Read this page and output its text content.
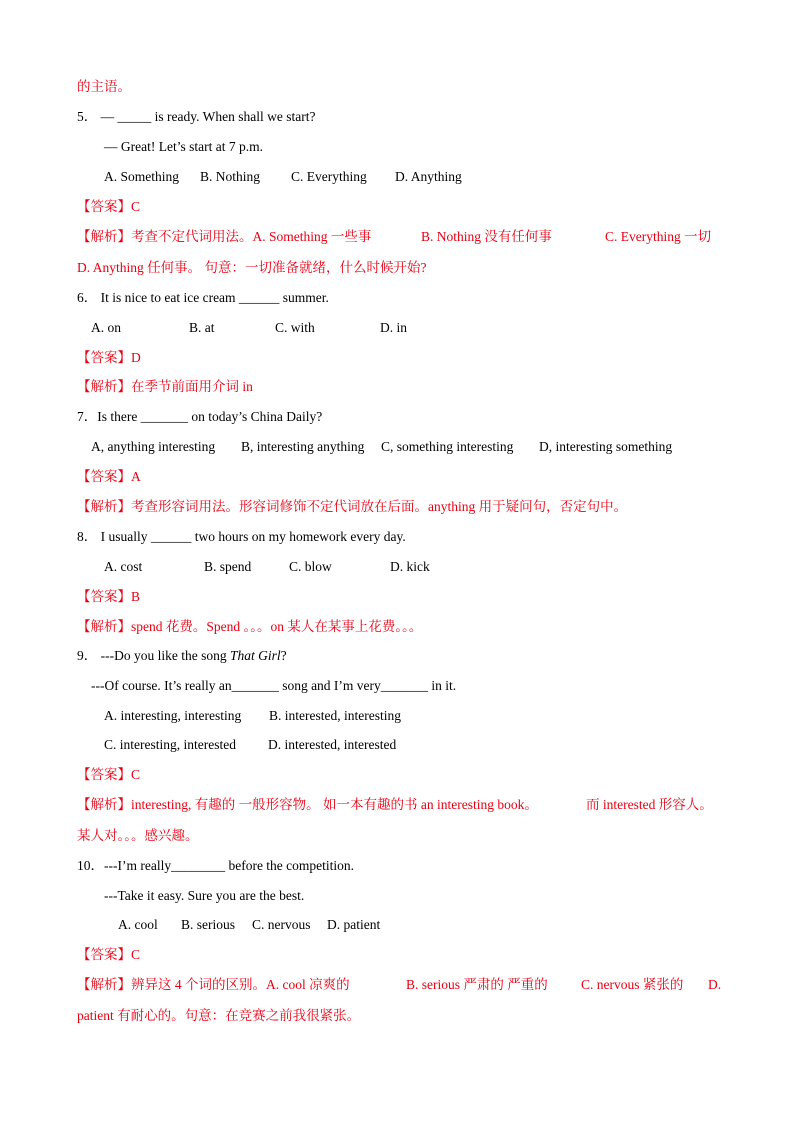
的主语。
5． — _____ is ready. When shall we start?
— Great! Let’s start at 7 p.m.
A. Something B. Nothing C. Everything D. Anything
【答案】C
【解析】考查不定代词用法。A. Something 一些事	B. Nothing 没有任何事	C. Everything 一切
D. Anything 任何事。 句意：一切准备就绪，什么时候开始?
6． It is nice to eat ice cream ______ summer.
A. on	B. at	C. with	D. in
【答案】D
【解析】在季节前面用介词 in
7．Is there _______ on today’s China Daily?
A, anything interesting B, interesting anything C, something interesting D, interesting something
【答案】A
【解析】考查形容词用法。形容词修饰不定代词放在后面。anything 用于疑问句，否定句中。
8． I usually ______ two hours on my homework every day.
A. cost	B. spend	C. blow	D. kick
【答案】B
【解析】spend 花费。Spend 。。。on 某人在某事上花费。。。
9． ---Do you like the song That Girl?
---Of course. It’s really an_______ song and I’m very_______ in it.
A. interesting, interesting B. interested, interesting
C. interesting, interested D. interested, interested
【答案】C
【解析】interesting, 有趣的 一般形容物。 如一本有趣的书 an interesting book。	而 interested 形容人。
某人对。。。感兴趣。
10．---I’m really________ before the competition.
---Take it easy. Sure you are the best.
A. cool B. serious C. nervous D. patient
【答案】C
【解析】辨异这 4 个词的区别。A. cool 凉爽的	B. serious 严肃的 严重的 C. nervous 紧张的 D.
patient 有耐心的。句意：在竞赛之前我很紧张。
